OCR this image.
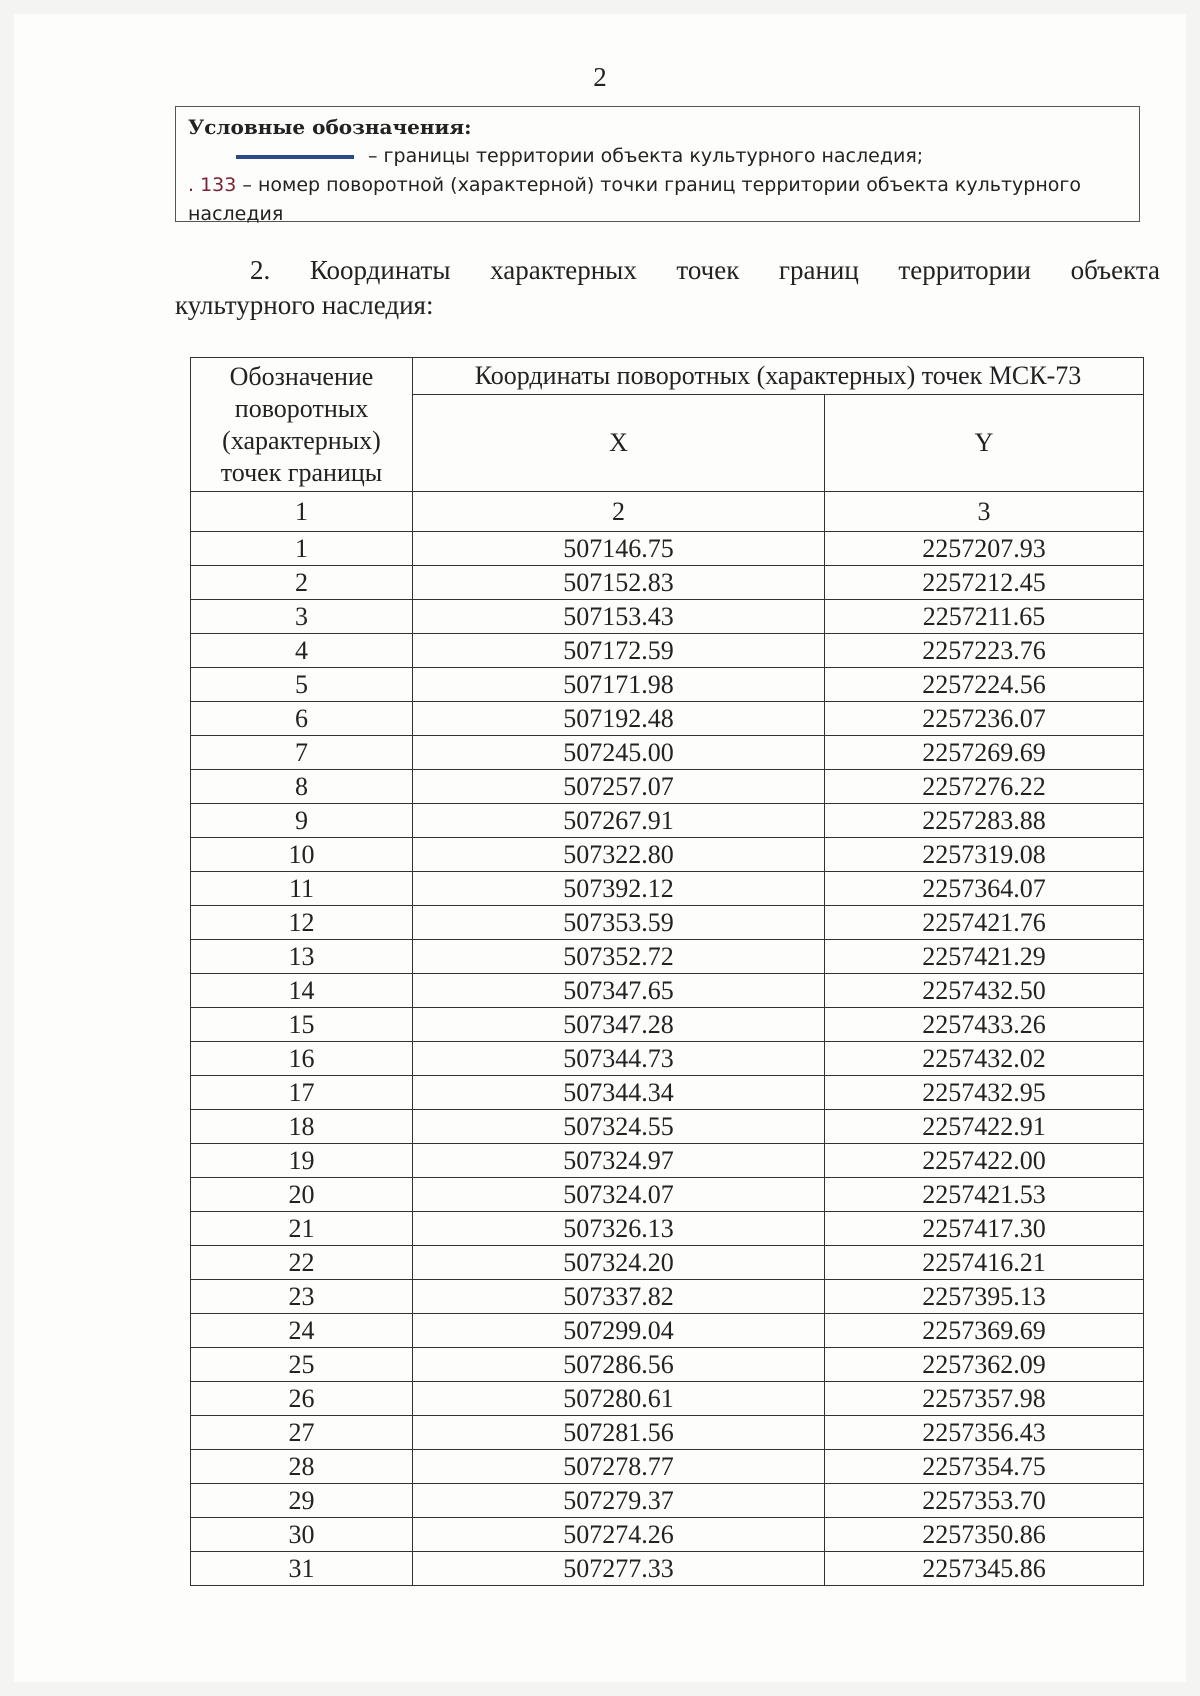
2
Условные обозначения:
– границы территории объекта культурного наследия;
. 133 – номер поворотной (характерной) точки границ территории объекта культурного наследия
2. Координаты характерных точек границ территории объекта
культурного наследия:
Обозначение
поворотных
(характерных)
точек границы	Координаты поворотных (характерных) точек МСК-73	
	X	Y
1	2	3
1	507146.75	2257207.93
2	507152.83	2257212.45
3	507153.43	2257211.65
4	507172.59	2257223.76
5	507171.98	2257224.56
6	507192.48	2257236.07
7	507245.00	2257269.69
8	507257.07	2257276.22
9	507267.91	2257283.88
10	507322.80	2257319.08
11	507392.12	2257364.07
12	507353.59	2257421.76
13	507352.72	2257421.29
14	507347.65	2257432.50
15	507347.28	2257433.26
16	507344.73	2257432.02
17	507344.34	2257432.95
18	507324.55	2257422.91
19	507324.97	2257422.00
20	507324.07	2257421.53
21	507326.13	2257417.30
22	507324.20	2257416.21
23	507337.82	2257395.13
24	507299.04	2257369.69
25	507286.56	2257362.09
26	507280.61	2257357.98
27	507281.56	2257356.43
28	507278.77	2257354.75
29	507279.37	2257353.70
30	507274.26	2257350.86
31	507277.33	2257345.86
